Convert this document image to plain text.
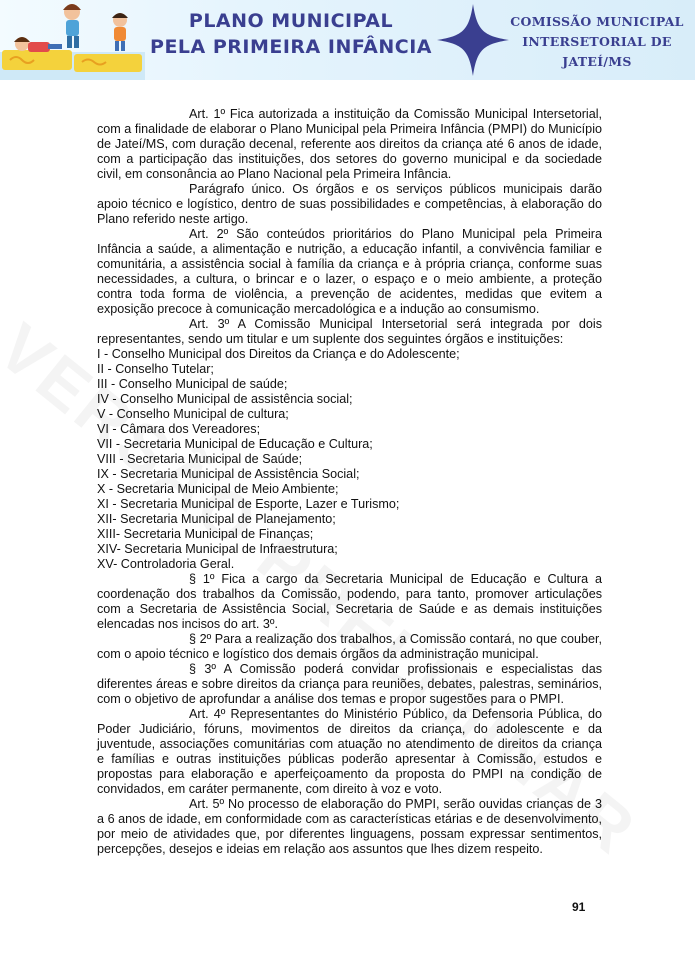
PLANO MUNICIPAL
PELA PRIMEIRA INFÂNCIA
COMISSÃO MUNICIPAL
INTERSETORIAL DE
JATEÍ/MS

Art. 1º Fica autorizada a instituição da Comissão Municipal Intersetorial, com a finalidade de elaborar o Plano Municipal pela Primeira Infância (PMPI) do Município de Jateí/MS, com duração decenal, referente aos direitos da criança até 6 anos de idade, com a participação das instituições, dos setores do governo municipal e da sociedade civil, em consonância ao Plano Nacional pela Primeira Infância.

Parágrafo único. Os órgãos e os serviços públicos municipais darão apoio técnico e logístico, dentro de suas possibilidades e competências, à elaboração do Plano referido neste artigo.

Art. 2º São conteúdos prioritários do Plano Municipal pela Primeira Infância a saúde, a alimentação e nutrição, a educação infantil, a convivência familiar e comunitária, a assistência social à família da criança e à própria criança, conforme suas necessidades, a cultura, o brincar e o lazer, o espaço e o meio ambiente, a proteção contra toda forma de violência, a prevenção de acidentes, medidas que evitem a exposição precoce à comunicação mercadológica e a indução ao consumismo.

Art. 3º A Comissão Municipal Intersetorial será integrada por dois representantes, sendo um titular e um suplente dos seguintes órgãos e instituições:

I - Conselho Municipal dos Direitos da Criança e do Adolescente;

II - Conselho Tutelar;

III - Conselho Municipal de saúde;

IV - Conselho Municipal de assistência social;

V - Conselho Municipal de cultura;

VI - Câmara dos Vereadores;

VII - Secretaria Municipal de Educação e Cultura;

VIII - Secretaria Municipal de Saúde;

IX - Secretaria Municipal de Assistência Social;

X - Secretaria Municipal de Meio Ambiente;

XI - Secretaria Municipal de Esporte, Lazer e Turismo;

XII- Secretaria Municipal de Planejamento;

XIII- Secretaria Municipal de Finanças;

XIV- Secretaria Municipal de Infraestrutura;

XV- Controladoria Geral.

§ 1º Fica a cargo da Secretaria Municipal de Educação e Cultura a coordenação dos trabalhos da Comissão, podendo, para tanto, promover articulações com a Secretaria de Assistência Social, Secretaria de Saúde e as demais instituições elencadas nos incisos do art. 3º.

§ 2º Para a realização dos trabalhos, a Comissão contará, no que couber, com o apoio técnico e logístico dos demais órgãos da administração municipal.

§ 3º A Comissão poderá convidar profissionais e especialistas das diferentes áreas e sobre direitos da criança para reuniões, debates, palestras, seminários, com o objetivo de aprofundar a análise dos temas e propor sugestões para o PMPI.

Art. 4º Representantes do Ministério Público, da Defensoria Pública, do Poder Judiciário, fóruns, movimentos de direitos da criança, do adolescente e da juventude, associações comunitárias com atuação no atendimento de direitos da criança e famílias e outras instituições públicas poderão apresentar à Comissão, estudos e propostas para elaboração e aperfeiçoamento da proposta do PMPI na condição de convidados, em caráter permanente, com direito à voz e voto.

Art. 5º No processo de elaboração do PMPI, serão ouvidas crianças de 3 a 6 anos de idade, em conformidade com as características etárias e de desenvolvimento, por meio de atividades que, por diferentes linguagens, possam expressar sentimentos, percepções, desejos e ideias em relação aos assuntos que lhes dizem respeito.

91
